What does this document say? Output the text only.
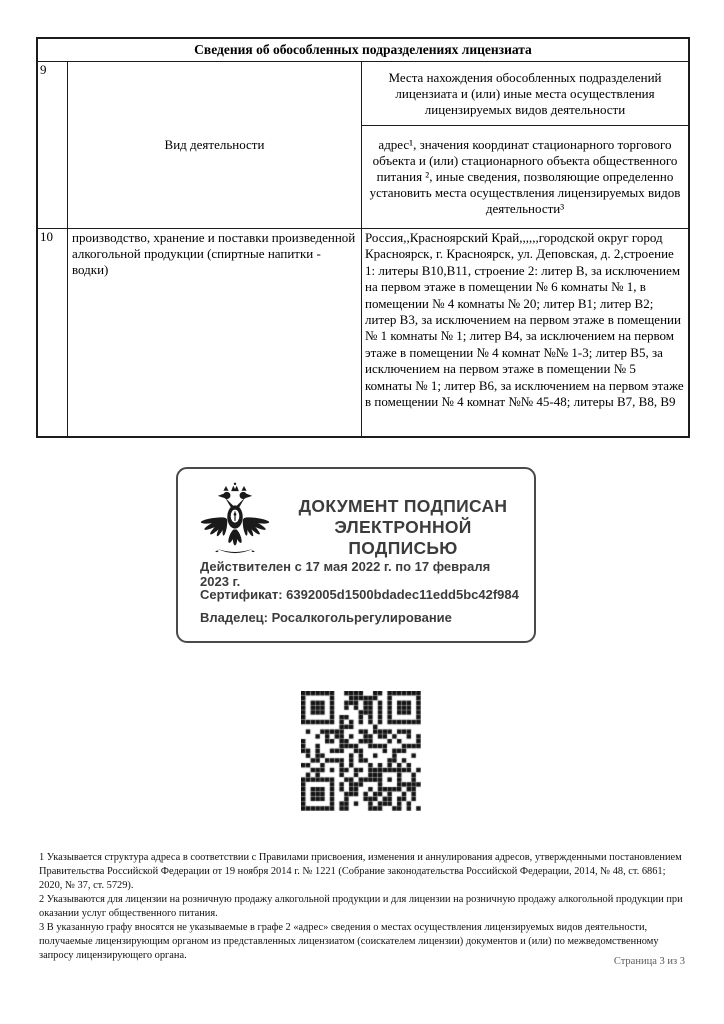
Сведения об обособленных подразделениях лицензиата
9
Вид деятельности
Места нахождения обособленных подразделений лицензиата и (или) иные места осуществления лицензируемых видов деятельности
адрес¹, значения координат стационарного торгового объекта и (или) стационарного объекта общественного питания ², иные сведения, позволяющие определенно установить места осуществления лицензируемых видов деятельности³
10	производство, хранение и поставки произведенной алкогольной продукции (спиртные напитки - водки)
Россия,,Красноярский Край,,,,,,городской округ город Красноярск, г. Красноярск, ул. Деповская, д. 2,строение 1: литеры В10,В11, строение 2: литер В, за исключением на первом этаже в помещении № 6 комнаты № 1, в помещении № 4 комнаты № 20; литер В1; литер В2; литер В3, за исключением на первом этаже в помещении № 1 комнаты № 1; литер В4, за исключением на первом этаже в помещении № 4 комнат №№ 1-3; литер В5, за исключением на первом этаже в помещении № 5 комнаты № 1; литер В6, за исключением на первом этаже в помещении № 4 комнат №№ 45-48; литеры В7, В8, В9
ДОКУМЕНТ ПОДПИСАН
ЭЛЕКТРОННОЙ ПОДПИСЬЮ
Действителен с 17 мая 2022 г. по 17 февраля 2023 г.
Сертификат: 6392005d1500bdadec11edd5bc42f984
Владелец: Росалкогольрегулирование
1 Указывается структура адреса в соответствии с Правилами присвоения, изменения и аннулирования адресов, утвержденными постановлением Правительства Российской Федерации от 19 ноября 2014 г. № 1221 (Собрание законодательства Российской Федерации, 2014, № 48, ст. 6861; 2020, № 37, ст. 5729).
2 Указываются для лицензии на розничную продажу алкогольной продукции и для лицензии на розничную продажу алкогольной продукции при оказании услуг общественного питания.
3 В указанную графу вносятся не указываемые в графе 2 «адрес» сведения о местах осуществления лицензируемых видов деятельности, получаемые лицензирующим органом из представленных лицензиатом (соискателем лицензии) документов и (или) по межведомственному запросу лицензирующего органа.
Страница 3 из 3
